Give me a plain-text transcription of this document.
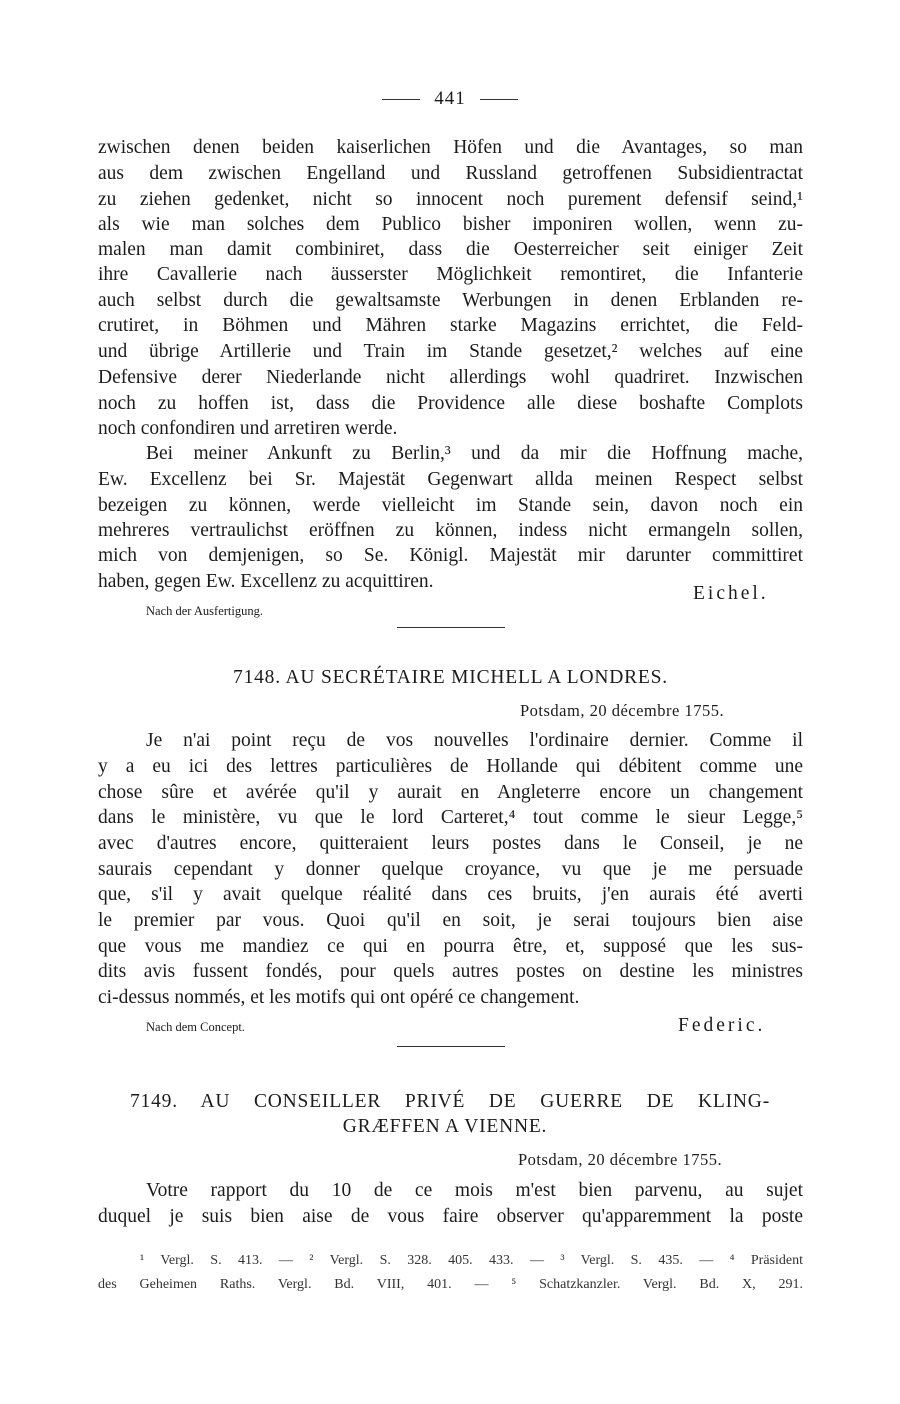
441
zwischen denen beiden kaiserlichen Höfen und die Avantages, so man
aus dem zwischen Engelland und Russland getroffenen Subsidientractat
zu ziehen gedenket, nicht so innocent noch purement defensif seind,¹
als wie man solches dem Publico bisher imponiren wollen, wenn zu-
malen man damit combiniret, dass die Oesterreicher seit einiger Zeit
ihre Cavallerie nach äusserster Möglichkeit remontiret, die Infanterie
auch selbst durch die gewaltsamste Werbungen in denen Erblanden re-
crutiret, in Böhmen und Mähren starke Magazins errichtet, die Feld-
und übrige Artillerie und Train im Stande gesetzet,² welches auf eine
Defensive derer Niederlande nicht allerdings wohl quadriret. Inzwischen
noch zu hoffen ist, dass die Providence alle diese boshafte Complots
noch confondiren und arretiren werde.
Bei meiner Ankunft zu Berlin,³ und da mir die Hoffnung mache,
Ew. Excellenz bei Sr. Majestät Gegenwart allda meinen Respect selbst
bezeigen zu können, werde vielleicht im Stande sein, davon noch ein
mehreres vertraulichst eröffnen zu können, indess nicht ermangeln sollen,
mich von demjenigen, so Se. Königl. Majestät mir darunter committiret
haben, gegen Ew. Excellenz zu acquittiren.
Nach der Ausfertigung.
Eichel.
7148. AU SECRÉTAIRE MICHELL A LONDRES.
Potsdam, 20 décembre 1755.
Je n'ai point reçu de vos nouvelles l'ordinaire dernier. Comme il
y a eu ici des lettres particulières de Hollande qui débitent comme une
chose sûre et avérée qu'il y aurait en Angleterre encore un changement
dans le ministère, vu que le lord Carteret,⁴ tout comme le sieur Legge,⁵
avec d'autres encore, quitteraient leurs postes dans le Conseil, je ne
saurais cependant y donner quelque croyance, vu que je me persuade
que, s'il y avait quelque réalité dans ces bruits, j'en aurais été averti
le premier par vous. Quoi qu'il en soit, je serai toujours bien aise
que vous me mandiez ce qui en pourra être, et, supposé que les sus-
dits avis fussent fondés, pour quels autres postes on destine les ministres
ci-dessus nommés, et les motifs qui ont opéré ce changement.
Nach dem Concept.	Federic.
7149. AU CONSEILLER PRIVÉ DE GUERRE DE KLING-
GRÆFFEN A VIENNE.
Potsdam, 20 décembre 1755.
Votre rapport du 10 de ce mois m'est bien parvenu, au sujet
duquel je suis bien aise de vous faire observer qu'apparemment la poste
¹ Vergl. S. 413. — ² Vergl. S. 328. 405. 433. — ³ Vergl. S. 435. — ⁴ Präsident
des Geheimen Raths. Vergl. Bd. VIII, 401. — ⁵ Schatzkanzler. Vergl. Bd. X, 291.
